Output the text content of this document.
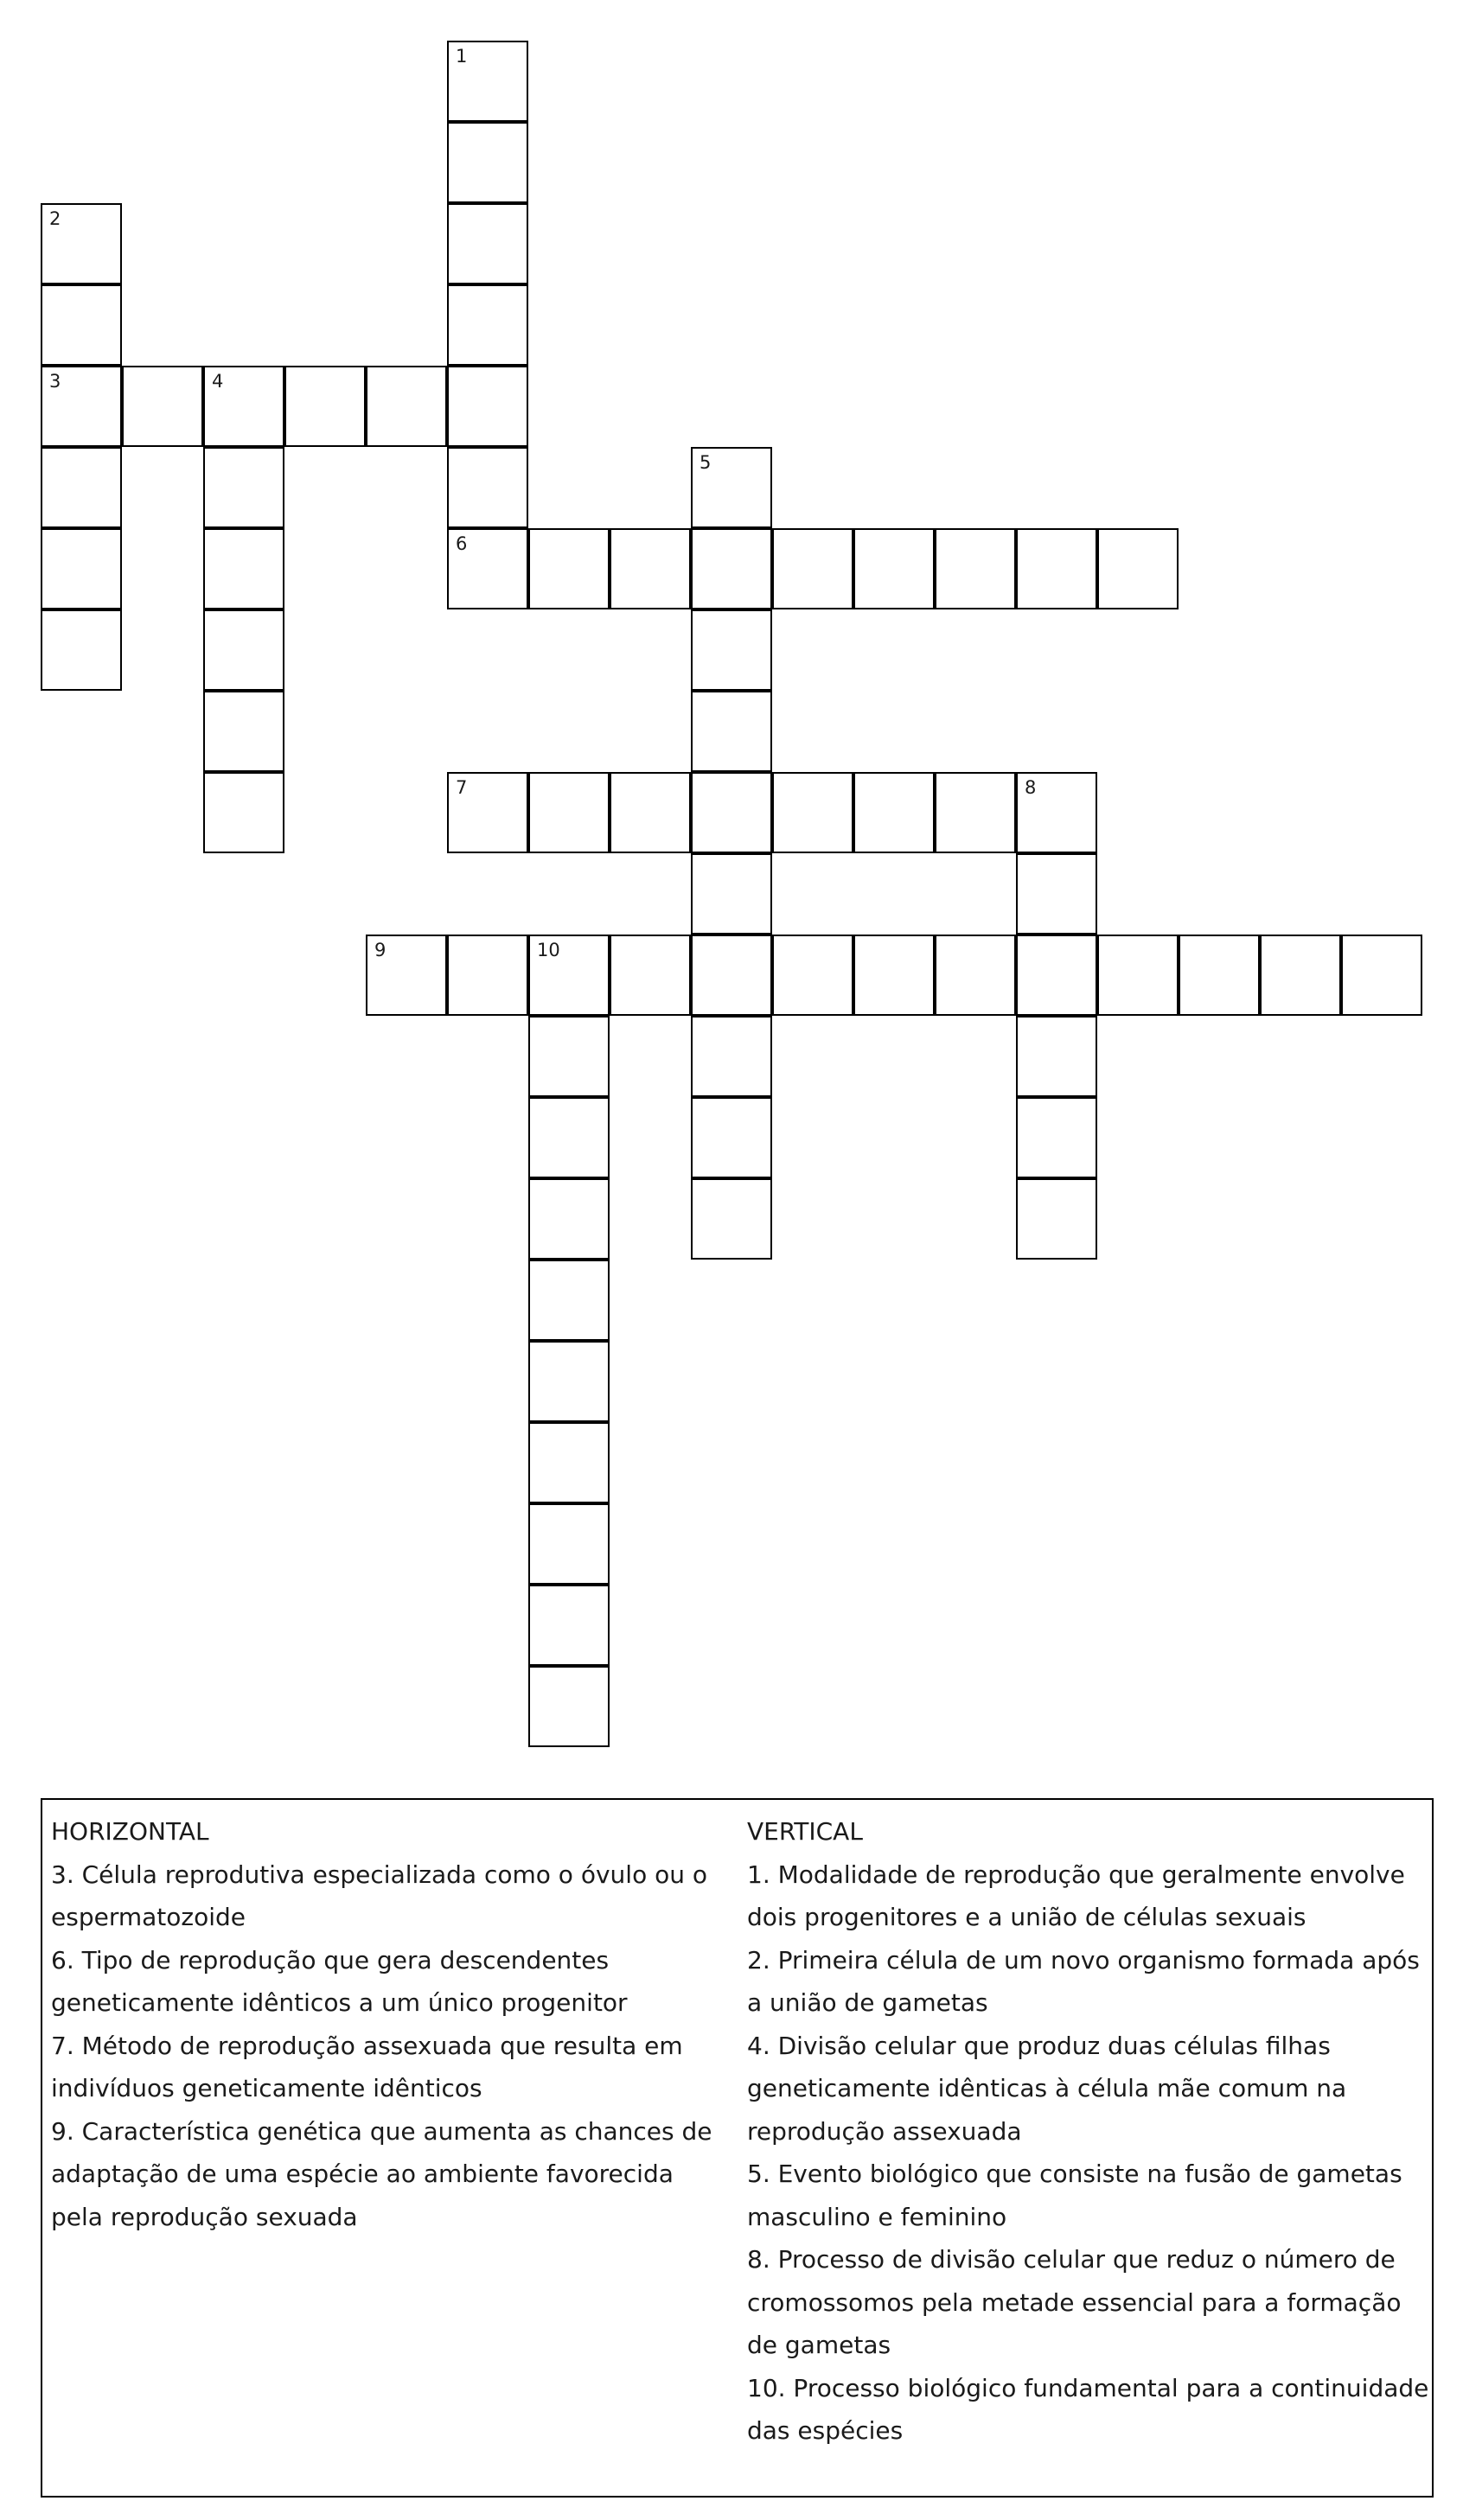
1
6
2
3	4
5
7	8
9	10
HORIZONTAL
3. Célula reprodutiva especializada como o óvulo ou o espermatozoide
6. Tipo de reprodução que gera descendentes geneticamente idênticos a um único progenitor
7. Método de reprodução assexuada que resulta em indivíduos geneticamente idênticos
9. Característica genética que aumenta as chances de adaptação de uma espécie ao ambiente favorecida pela reprodução sexuada
VERTICAL
1. Modalidade de reprodução que geralmente envolve dois progenitores e a união de células sexuais
2. Primeira célula de um novo organismo formada após a união de gametas
4. Divisão celular que produz duas células filhas geneticamente idênticas à célula mãe comum na reprodução assexuada
5. Evento biológico que consiste na fusão de gametas masculino e feminino
8. Processo de divisão celular que reduz o número de cromossomos pela metade essencial para a formação de gametas
10. Processo biológico fundamental para a continuidade das espécies
